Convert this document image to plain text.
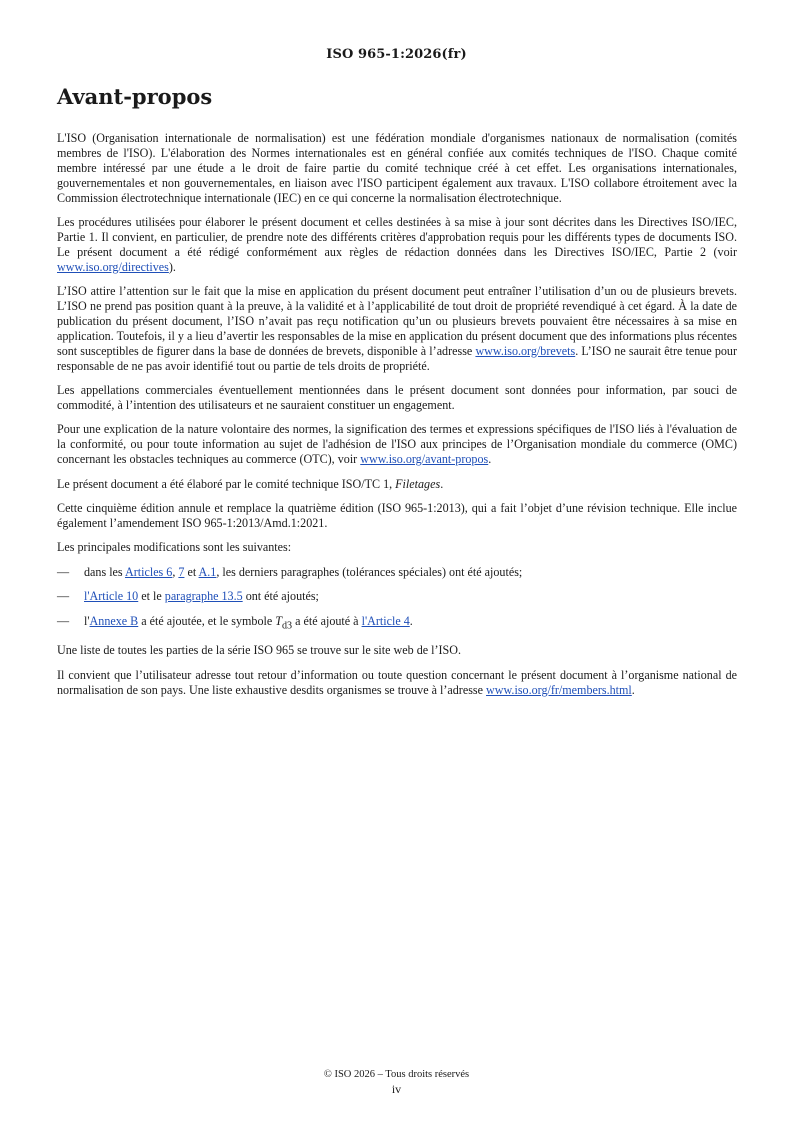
ISO 965-1:2026(fr)
Avant-propos

L'ISO (Organisation internationale de normalisation) est une fédération mondiale d'organismes nationaux de normalisation (comités membres de l'ISO). L'élaboration des Normes internationales est en général confiée aux comités techniques de l'ISO. Chaque comité membre intéressé par une étude a le droit de faire partie du comité technique créé à cet effet. Les organisations internationales, gouvernementales et non gouvernementales, en liaison avec l'ISO participent également aux travaux. L'ISO collabore étroitement avec la Commission électrotechnique internationale (IEC) en ce qui concerne la normalisation électrotechnique.

Les procédures utilisées pour élaborer le présent document et celles destinées à sa mise à jour sont décrites dans les Directives ISO/IEC, Partie 1. Il convient, en particulier, de prendre note des différents critères d'approbation requis pour les différents types de documents ISO. Le présent document a été rédigé conformément aux règles de rédaction données dans les Directives ISO/IEC, Partie 2 (voir www.iso.org/directives).

L’ISO attire l’attention sur le fait que la mise en application du présent document peut entraîner l’utilisation d’un ou de plusieurs brevets. L’ISO ne prend pas position quant à la preuve, à la validité et à l’applicabilité de tout droit de propriété revendiqué à cet égard. À la date de publication du présent document, l’ISO n’avait pas reçu notification qu’un ou plusieurs brevets pouvaient être nécessaires à sa mise en application. Toutefois, il y a lieu d’avertir les responsables de la mise en application du présent document que des informations plus récentes sont susceptibles de figurer dans la base de données de brevets, disponible à l’adresse www.iso.org/brevets. L’ISO ne saurait être tenue pour responsable de ne pas avoir identifié tout ou partie de tels droits de propriété.

Les appellations commerciales éventuellement mentionnées dans le présent document sont données pour information, par souci de commodité, à l’intention des utilisateurs et ne sauraient constituer un engagement.

Pour une explication de la nature volontaire des normes, la signification des termes et expressions spécifiques de l'ISO liés à l'évaluation de la conformité, ou pour toute information au sujet de l'adhésion de l'ISO aux principes de l’Organisation mondiale du commerce (OMC) concernant les obstacles techniques au commerce (OTC), voir www.iso.org/avant-propos.

Le présent document a été élaboré par le comité technique ISO/TC 1, Filetages.

Cette cinquième édition annule et remplace la quatrième édition (ISO 965-1:2013), qui a fait l’objet d’une révision technique. Elle inclue également l’amendement ISO 965-1:2013/Amd.1:2021.

Les principales modifications sont les suivantes:

—	dans les Articles 6, 7 et A.1, les derniers paragraphes (tolérances spéciales) ont été ajoutés;
—	l'Article 10 et le paragraphe 13.5 ont été ajoutés;
—	l'Annexe B a été ajoutée, et le symbole $T_{d3}$ a été ajouté à l'Article 4.

Une liste de toutes les parties de la série ISO 965 se trouve sur le site web de l’ISO.

Il convient que l’utilisateur adresse tout retour d’information ou toute question concernant le présent document à l’organisme national de normalisation de son pays. Une liste exhaustive desdits organismes se trouve à l’adresse www.iso.org/fr/members.html.

© ISO 2026 – Tous droits réservés
iv
